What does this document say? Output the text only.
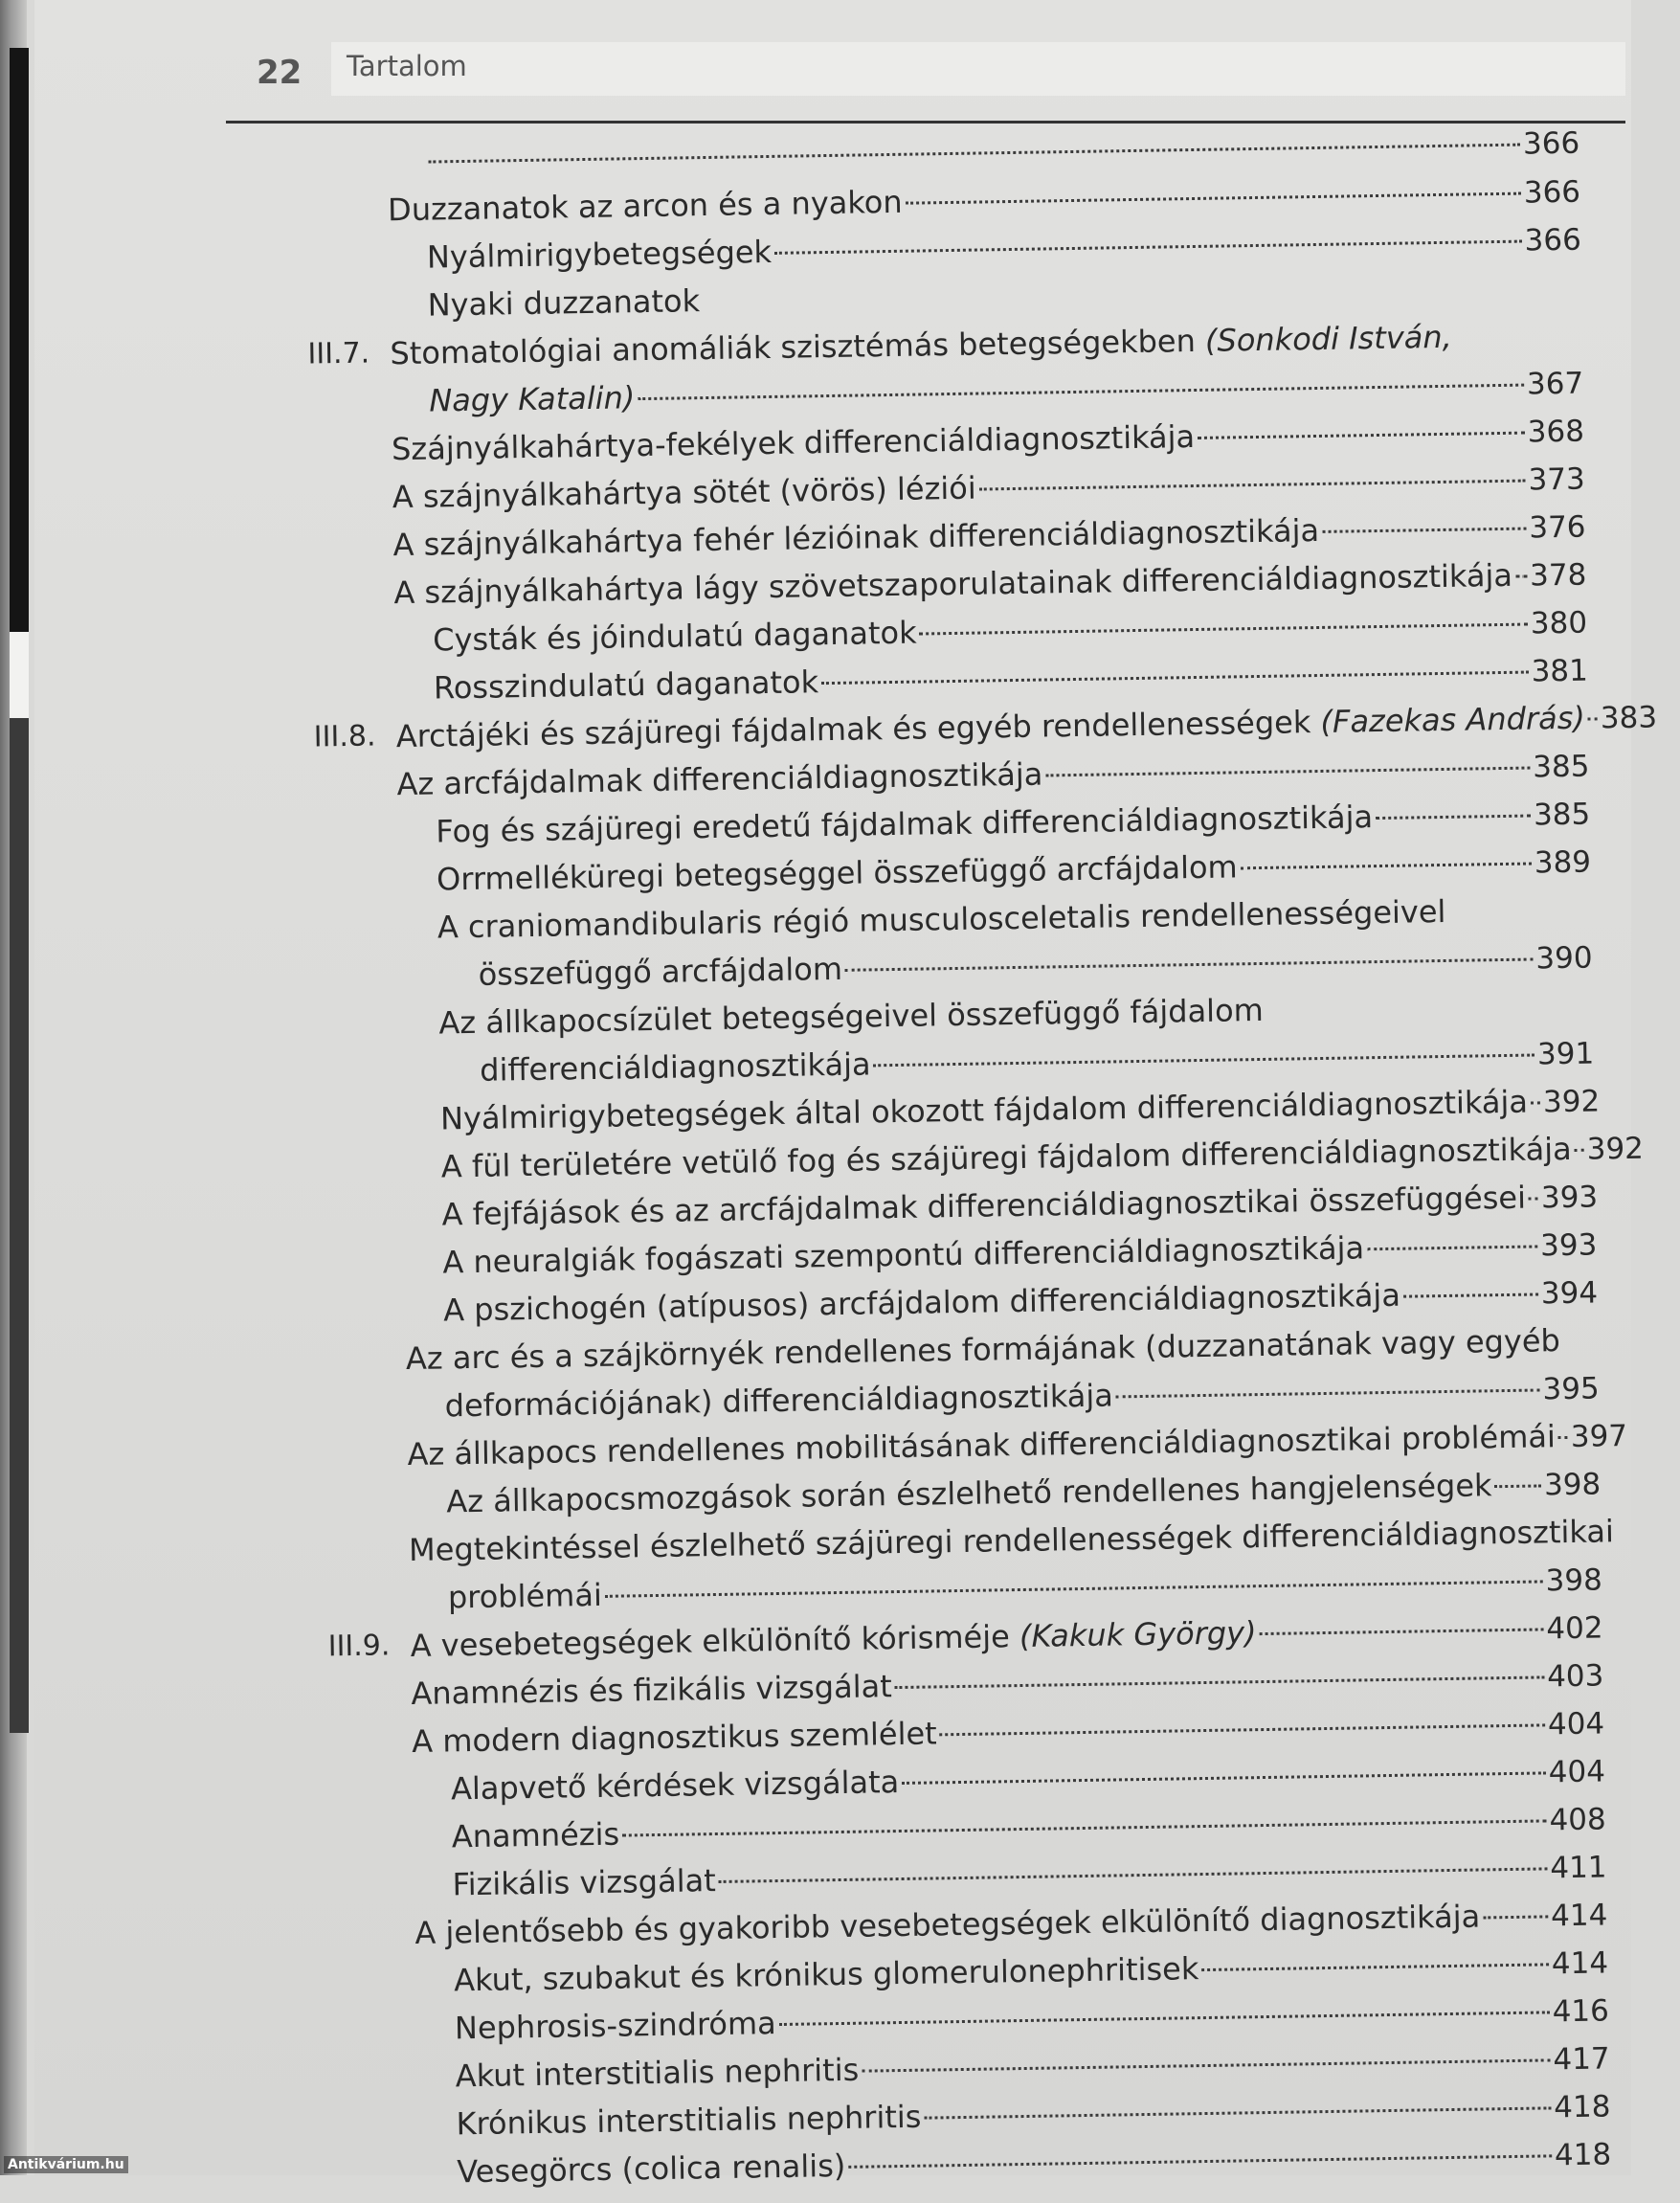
22 Tartalom
366
Duzzanatok az arcon és a nyakon	366
Nyálmirigybetegségek	366
Nyaki duzzanatok
III.7. Stomatológiai anomáliák szisztémás betegségekben (Sonkodi István,
Nagy Katalin)	367
Szájnyálkahártya-fekélyek differenciáldiagnosztikája	368
A szájnyálkahártya sötét (vörös) léziói	373
A szájnyálkahártya fehér lézióinak differenciáldiagnosztikája	376
A szájnyálkahártya lágy szövetszaporulatainak differenciáldiagnosztikája 378
Cysták és jóindulatú daganatok	380
Rosszindulatú daganatok	381
III.8. Arctájéki és szájüregi fájdalmak és egyéb rendellenességek (Fazekas András) 383
Az arcfájdalmak differenciáldiagnosztikája	385
Fog és szájüregi eredetű fájdalmak differenciáldiagnosztikája	385
Orrmelléküregi betegséggel összefüggő arcfájdalom	389
A craniomandibularis régió musculosceletalis rendellenességeivel
összefüggő arcfájdalom	390
Az állkapocsízület betegségeivel összefüggő fájdalom
differenciáldiagnosztikája	391
Nyálmirigybetegségek által okozott fájdalom differenciáldiagnosztikája 392
A fül területére vetülő fog és szájüregi fájdalom differenciáldiagnosztikája 392
A fejfájások és az arcfájdalmak differenciáldiagnosztikai összefüggései 393
A neuralgiák fogászati szempontú differenciáldiagnosztikája	393
A pszichogén (atípusos) arcfájdalom differenciáldiagnosztikája	394
Az arc és a szájkörnyék rendellenes formájának (duzzanatának vagy egyéb
deformációjának) differenciáldiagnosztikája	395
Az állkapocs rendellenes mobilitásának differenciáldiagnosztikai problémái 397
Az állkapocsmozgások során észlelhető rendellenes hangjelenségek 398
Megtekintéssel észlelhető szájüregi rendellenességek differenciáldiagnosztikai
problémái	398
III.9. A vesebetegségek elkülönítő kórisméje (Kakuk György)	402
Anamnézis és fizikális vizsgálat	403
A modern diagnosztikus szemlélet	404
Alapvető kérdések vizsgálata	404
Anamnézis	408
Fizikális vizsgálat	411
A jelentősebb és gyakoribb vesebetegségek elkülönítő diagnosztikája 414
Akut, szubakut és krónikus glomerulonephritisek	414
Nephrosis-szindróma	416
Akut interstitialis nephritis	417
Krónikus interstitialis nephritis	418
Vesegörcs (colica renalis)	418
Antikvárium.hu
